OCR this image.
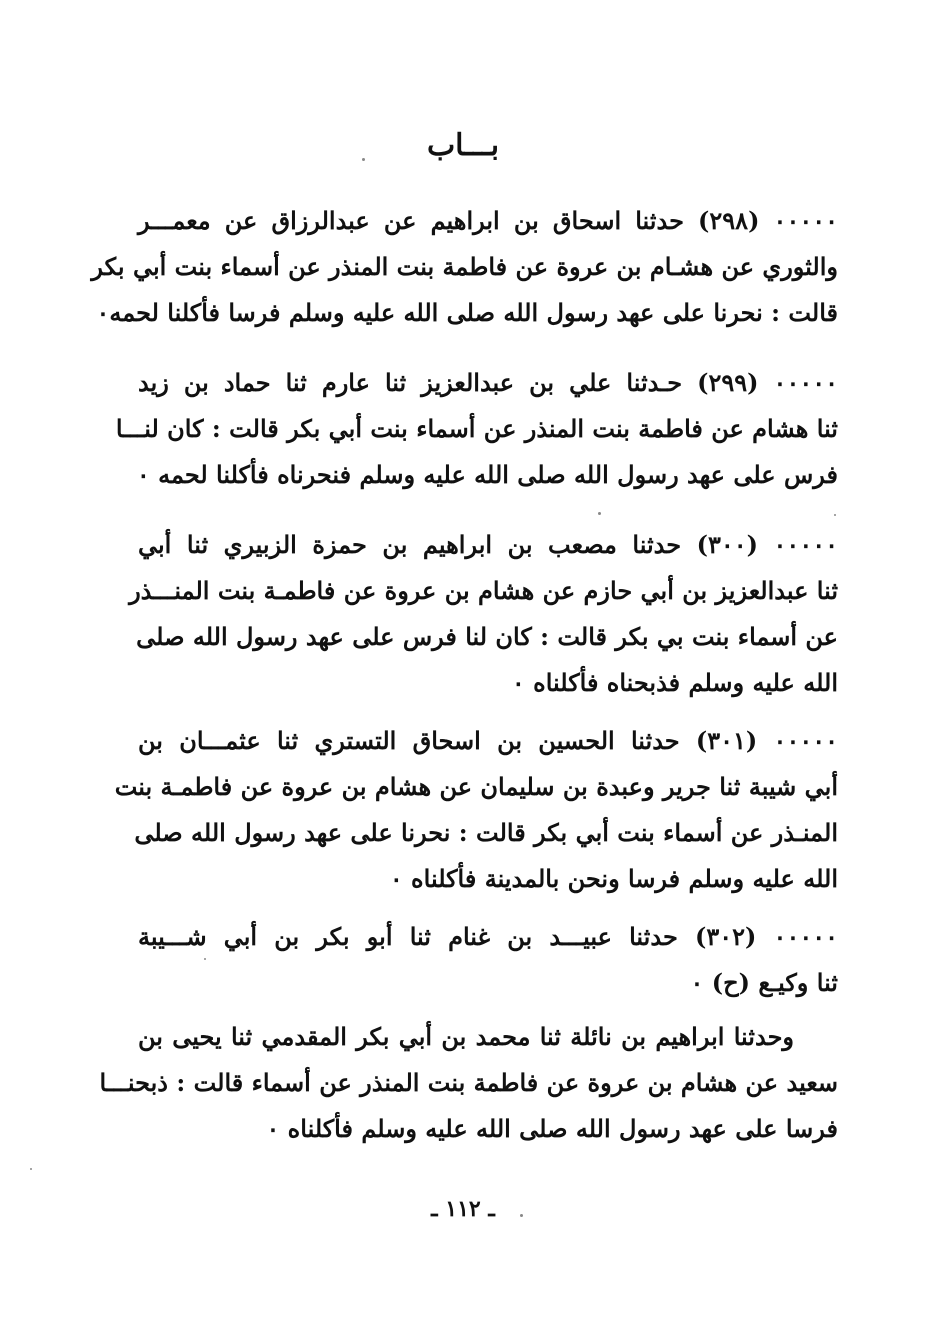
بـــاب
٠٠٠٠٠ (٢٩٨) حدثنا اسحاق بن ابراهيم عن عبدالرزاق عن معمـــر
والثوري عن هشـام بن عروة عن فاطمة بنت المنذر عن أسماء بنت أبي بكر
قالت : نحرنا على عهد رسول الله صلى الله عليه وسلم فرسا فأكلنا لحمه٠
٠٠٠٠٠ (٢٩٩) حـدثنا علي بن عبدالعزيز ثنا عارم ثنا حماد بن زيد
ثنا هشام عن فاطمة بنت المنذر عن أسماء بنت أبي بكر قالت : كان لنـــا
فرس على عهد رسول الله صلى الله عليه وسلم فنحرناه فأكلنا لحمه ٠
٠٠٠٠٠ (٣٠٠) حدثنا مصعب بن ابراهيم بن حمزة الزبيري ثنا أبي
ثنا عبدالعزيز بن أبي حازم عن هشام بن عروة عن فاطمـة بنت المنـــذر
عن أسماء بنت بي بكر قالت : كان لنا فرس على عهد رسول الله صلى
الله عليه وسلم فذبحناه فأكلناه ٠
٠٠٠٠٠ (٣٠١) حدثنا الحسين بن اسحاق التستري ثنا عثمـــان بن
أبي شيبة ثنا جرير وعبدة بن سليمان عن هشام بن عروة عن فاطمـة بنت
المنـذر عن أسماء بنت أبي بكر قالت : نحرنا على عهد رسول الله صلى
الله عليه وسلم فرسا ونحن بالمدينة فأكلناه ٠
٠٠٠٠٠ (٣٠٢) حدثنا عبيـــد بن غنام ثنا أبو بكر بن أبي شـــيبة
ثنا وكيـع (ح) ٠
وحدثنا ابراهيم بن نائلة ثنا محمد بن أبي بكر المقدمي ثنا يحيى بن
سعيد عن هشام بن عروة عن فاطمة بنت المنذر عن أسماء قالت : ذبحنـــا
فرسا على عهد رسول الله صلى الله عليه وسلم فأكلناه ٠
ـ ١١٢ ـ
